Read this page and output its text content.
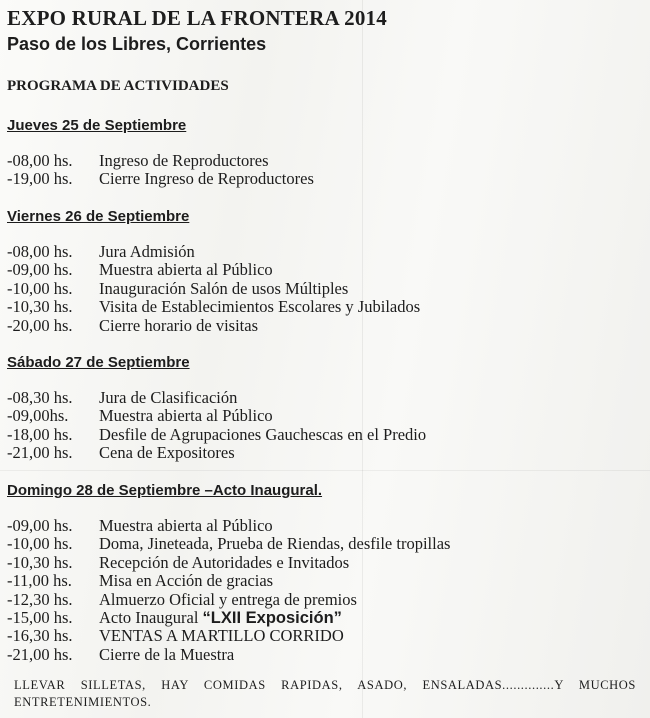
EXPO RURAL DE LA FRONTERA 2014
Paso de los Libres, Corrientes
PROGRAMA DE ACTIVIDADES
Jueves 25 de Septiembre
-08,00 hs. Ingreso de Reproductores
-19,00 hs. Cierre Ingreso de Reproductores
Viernes 26 de Septiembre
-08,00 hs. Jura Admisión
-09,00 hs. Muestra abierta al Público
-10,00 hs. Inauguración Salón de usos Múltiples
-10,30 hs. Visita de Establecimientos Escolares y Jubilados
-20,00 hs. Cierre horario de visitas
Sábado 27 de Septiembre
-08,30 hs. Jura de Clasificación
-09,00hs. Muestra abierta al Público
-18,00 hs. Desfile de Agrupaciones Gauchescas en el Predio
-21,00 hs. Cena de Expositores
Domingo 28 de Septiembre –Acto Inaugural.
-09,00 hs. Muestra abierta al Público
-10,00 hs. Doma, Jineteada, Prueba de Riendas, desfile tropillas
-10,30 hs. Recepción de Autoridades e Invitados
-11,00 hs. Misa en Acción de gracias
-12,30 hs. Almuerzo Oficial y entrega de premios
-15,00 hs. Acto Inaugural “LXII Exposición”
-16,30 hs. VENTAS A MARTILLO CORRIDO
-21,00 hs. Cierre de la Muestra
LLEVAR SILLETAS, HAY COMIDAS RAPIDAS, ASADO, ENSALADAS..............Y MUCHOS ENTRETENIMIENTOS.
